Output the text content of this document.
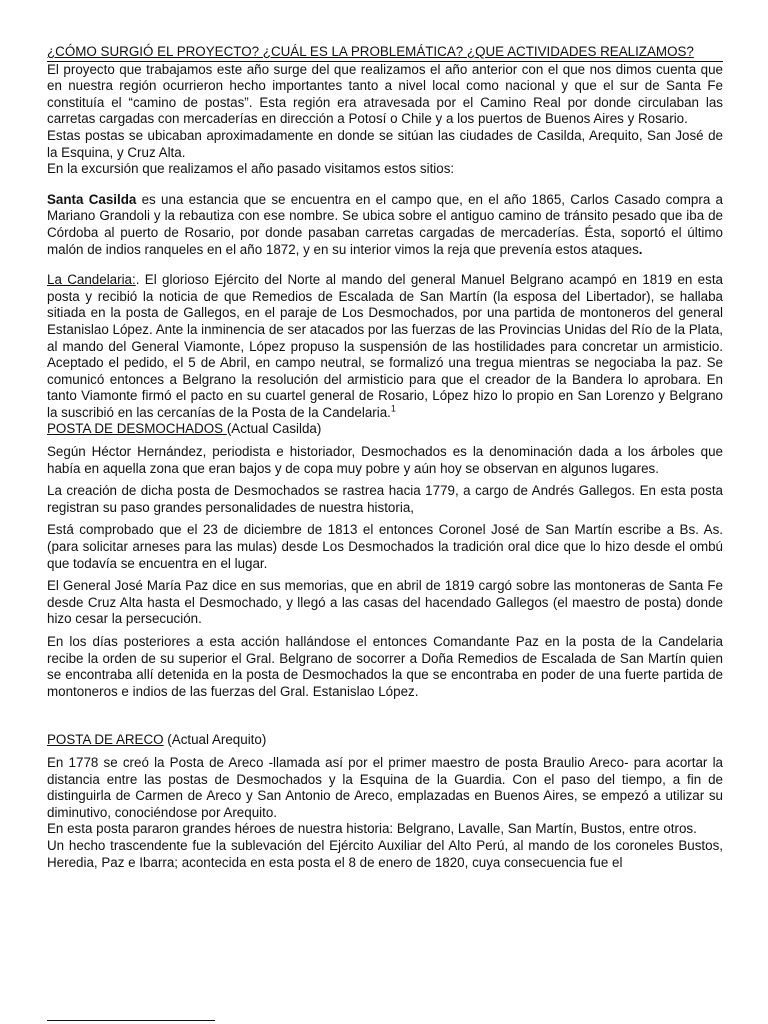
¿CÓMO SURGIÓ EL PROYECTO? ¿CUÁL ES LA PROBLEMÁTICA? ¿QUE ACTIVIDADES REALIZAMOS?

El proyecto que trabajamos este año surge del que realizamos el año anterior con el que nos dimos cuenta que en nuestra región ocurrieron hecho importantes tanto a nivel local como nacional y que el sur de Santa Fe constituía el “camino de postas”. Esta región era atravesada por el Camino Real por donde circulaban las carretas cargadas con mercaderías en dirección a Potosí o Chile y a los puertos de Buenos Aires y Rosario.

Estas postas se ubicaban aproximadamente en donde se sitúan las ciudades de Casilda, Arequito, San José de la Esquina, y Cruz Alta.

En la excursión que realizamos el año pasado visitamos estos sitios:

Santa Casilda es una estancia que se encuentra en el campo que, en el año 1865, Carlos Casado compra a Mariano Grandoli y la rebautiza con ese nombre. Se ubica sobre el antiguo camino de tránsito pesado que iba de Córdoba al puerto de Rosario, por donde pasaban carretas cargadas de mercaderías. Ésta, soportó el último malón de indios ranqueles en el año 1872, y en su interior vimos la reja que prevenía estos ataques.

La Candelaria:. El glorioso Ejército del Norte al mando del general Manuel Belgrano acampó en 1819 en esta posta y recibió la noticia de que Remedios de Escalada de San Martín (la esposa del Libertador), se hallaba sitiada en la posta de Gallegos, en el paraje de Los Desmochados, por una partida de montoneros del general Estanislao López. Ante la inminencia de ser atacados por las fuerzas de las Provincias Unidas del Río de la Plata, al mando del General Viamonte, López propuso la suspensión de las hostilidades para concretar un armisticio. Aceptado el pedido, el 5 de Abril, en campo neutral, se formalizó una tregua mientras se negociaba la paz. Se comunicó entonces a Belgrano la resolución del armisticio para que el creador de la Bandera lo aprobara. En tanto Viamonte firmó el pacto en su cuartel general de Rosario, López hizo lo propio en San Lorenzo y Belgrano la suscribió en las cercanías de la Posta de la Candelaria.$^1$

POSTA DE DESMOCHADOS (Actual Casilda)

Según Héctor Hernández, periodista e historiador, Desmochados es la denominación dada a los árboles que había en aquella zona que eran bajos y de copa muy pobre y aún hoy se observan en algunos lugares.

La creación de dicha posta de Desmochados se rastrea hacia 1779, a cargo de Andrés Gallegos. En esta posta registran su paso grandes personalidades de nuestra historia,

Está comprobado que el 23 de diciembre de 1813 el entonces Coronel José de San Martín escribe a Bs. As. (para solicitar arneses para las mulas) desde Los Desmochados la tradición oral dice que lo hizo desde el ombú que todavía se encuentra en el lugar.

El General José María Paz dice en sus memorias, que en abril de 1819 cargó sobre las montoneras de Santa Fe desde Cruz Alta hasta el Desmochado, y llegó a las casas del hacendado Gallegos (el maestro de posta) donde hizo cesar la persecución.

En los días posteriores a esta acción hallándose el entonces Comandante Paz en la posta de la Candelaria recibe la orden de su superior el Gral. Belgrano de socorrer a Doña Remedios de Escalada de San Martín quien se encontraba allí detenida en la posta de Desmochados la que se encontraba en poder de una fuerte partida de montoneros e indios de las fuerzas del Gral. Estanislao López.

POSTA DE ARECO (Actual Arequito)

En 1778 se creó la Posta de Areco -llamada así por el primer maestro de posta Braulio Areco- para acortar la distancia entre las postas de Desmochados y la Esquina de la Guardia. Con el paso del tiempo, a fin de distinguirla de Carmen de Areco y San Antonio de Areco, emplazadas en Buenos Aires, se empezó a utilizar su diminutivo, conociéndose por Arequito.

En esta posta pararon grandes héroes de nuestra historia: Belgrano, Lavalle, San Martín, Bustos, entre otros.

Un hecho trascendente fue la sublevación del Ejército Auxiliar del Alto Perú, al mando de los coroneles Bustos, Heredia, Paz e Ibarra; acontecida en esta posta el 8 de enero de 1820, cuya consecuencia fue el
